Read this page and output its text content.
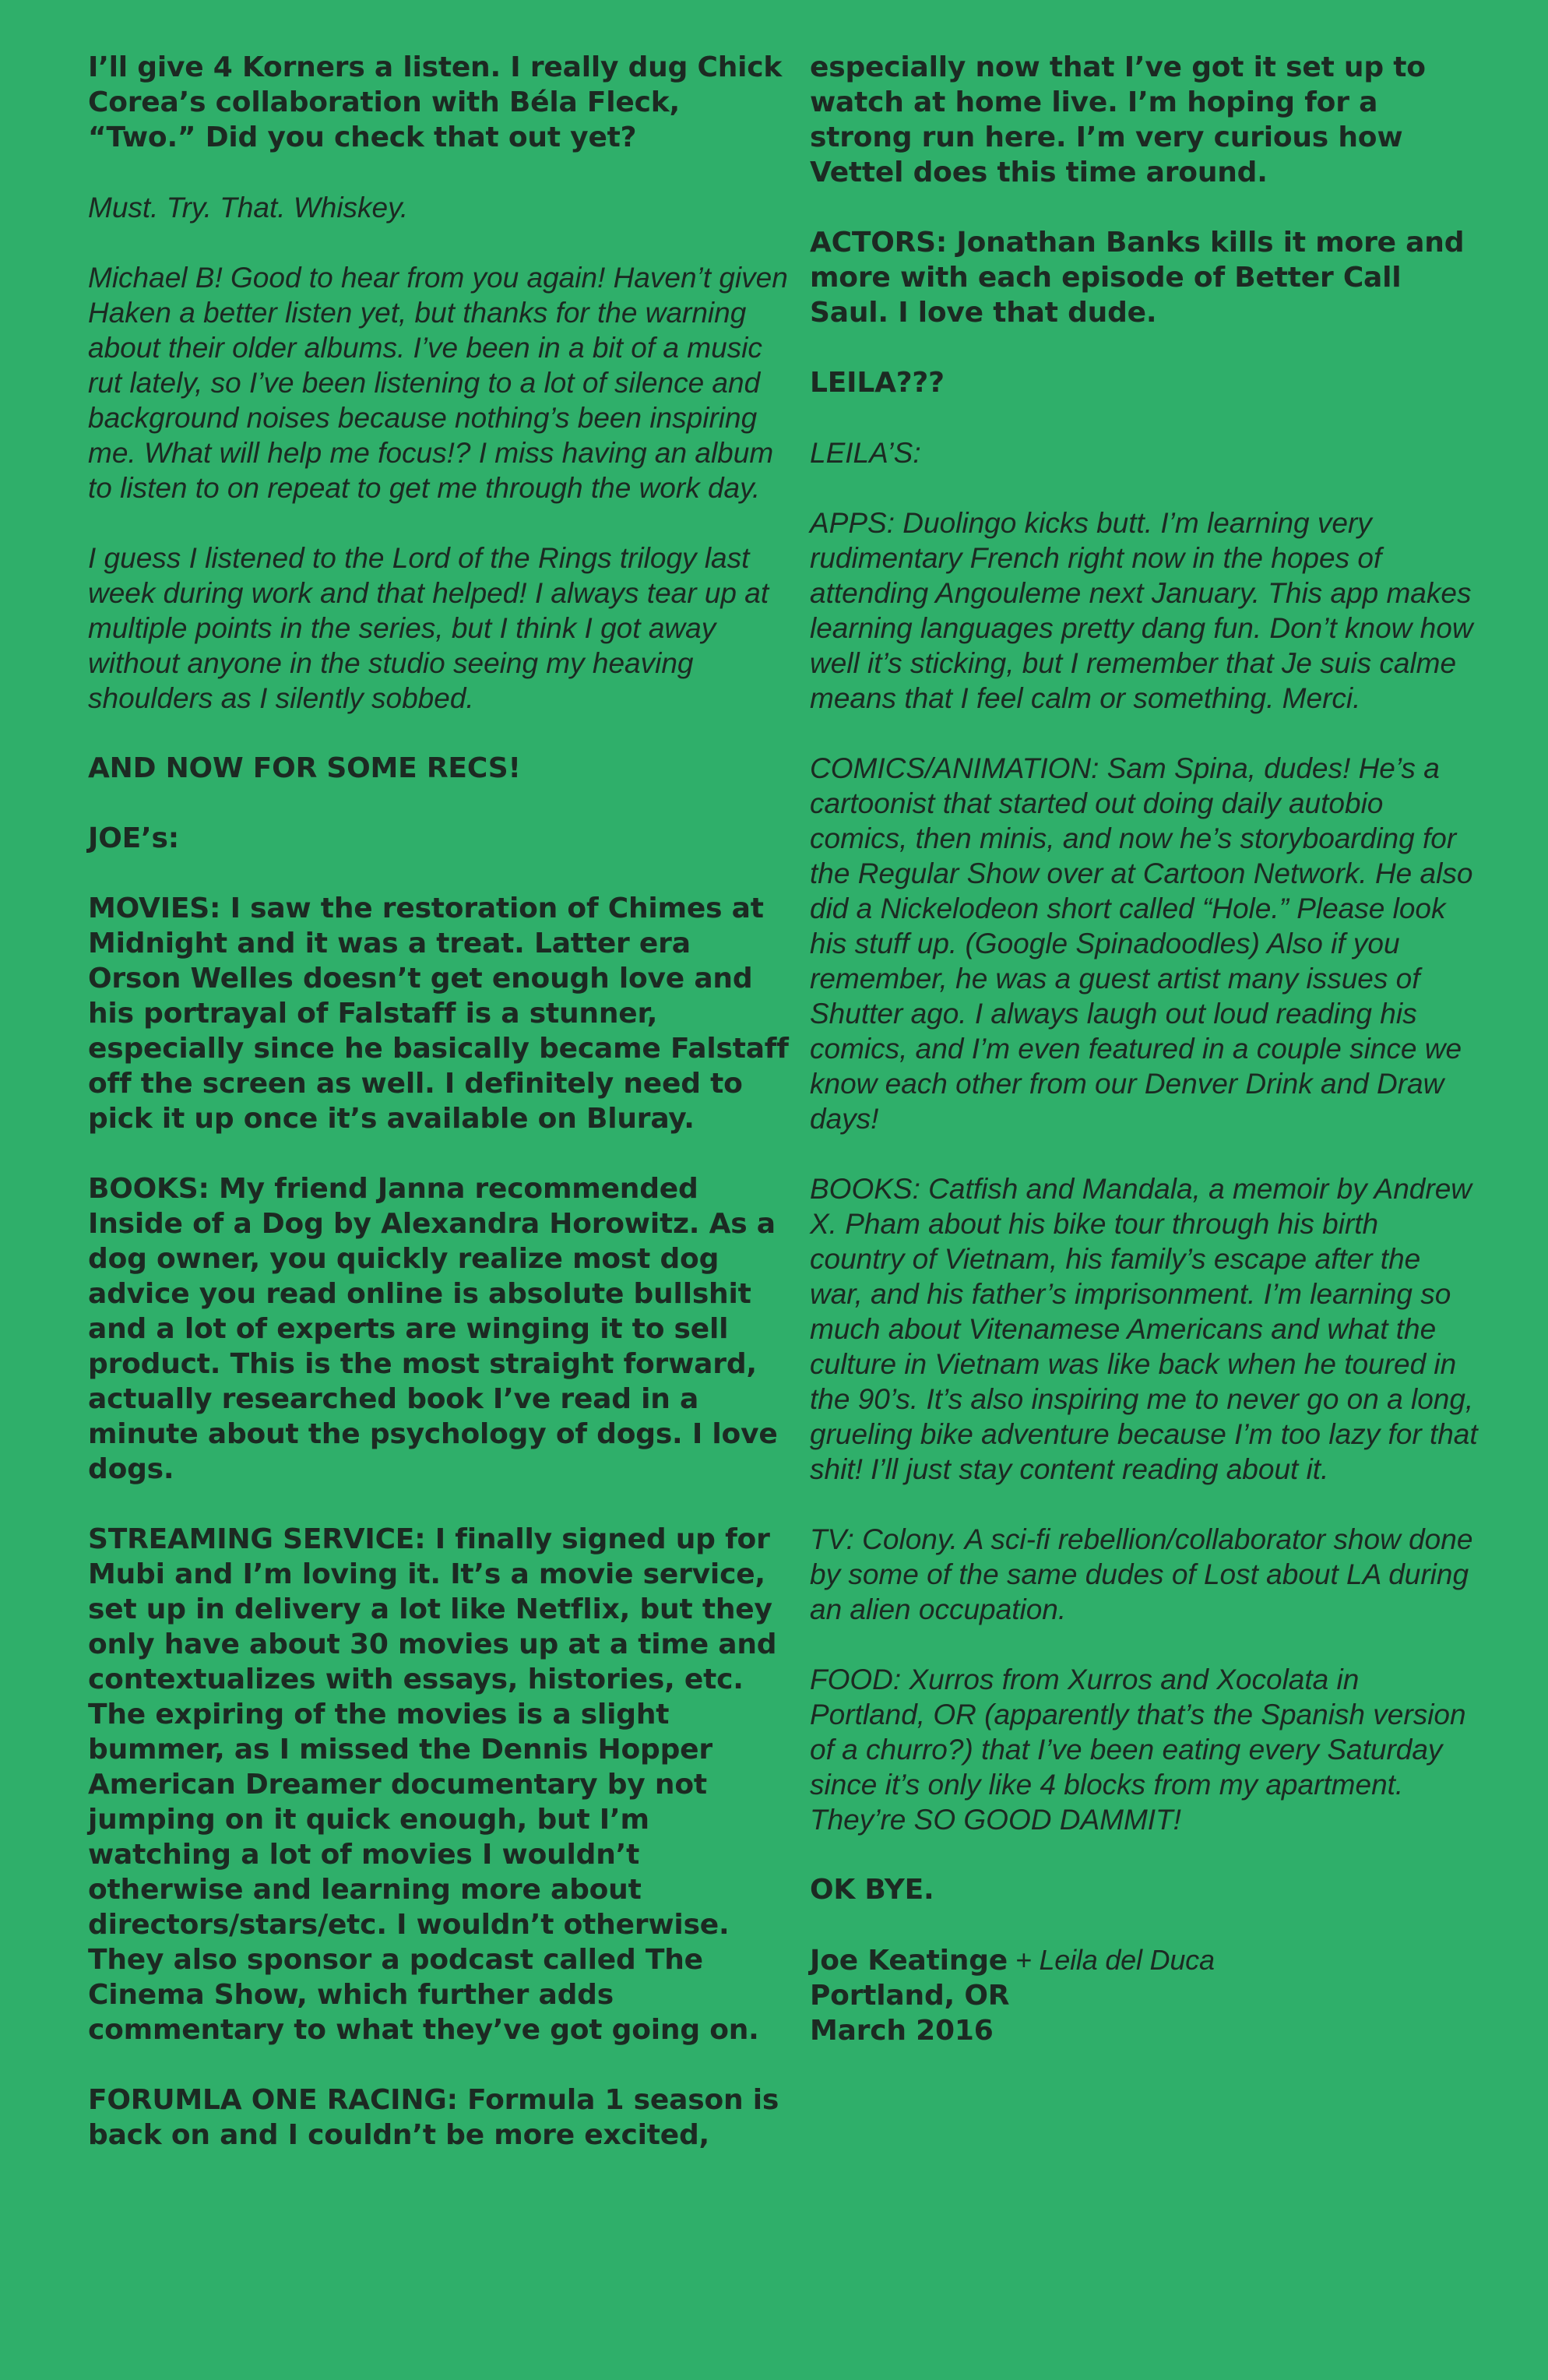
I’ll give 4 Korners a listen. I really dug Chick Corea’s collaboration with Béla Fleck, “Two.” Did you check that out yet?

Must. Try. That. Whiskey.

Michael B! Good to hear from you again! Haven’t given Haken a better listen yet, but thanks for the warning about their older albums. I’ve been in a bit of a music rut lately, so I’ve been listening to a lot of silence and background noises because nothing’s been inspiring me. What will help me focus!? I miss having an album to listen to on repeat to get me through the work day.

I guess I listened to the Lord of the Rings trilogy last week during work and that helped! I always tear up at multiple points in the series, but I think I got away without anyone in the studio seeing my heaving shoulders as I silently sobbed.

AND NOW FOR SOME RECS!

JOE’s:

MOVIES: I saw the restoration of Chimes at Midnight and it was a treat. Latter era Orson Welles doesn’t get enough love and his portrayal of Falstaff is a stunner, especially since he basically became Falstaff off the screen as well. I definitely need to pick it up once it’s available on Bluray.

BOOKS: My friend Janna recommended Inside of a Dog by Alexandra Horowitz. As a dog owner, you quickly realize most dog advice you read online is absolute bullshit and a lot of experts are winging it to sell product. This is the most straight forward, actually researched book I’ve read in a minute about the psychology of dogs. I love dogs.

STREAMING SERVICE: I finally signed up for Mubi and I’m loving it. It’s a movie service, set up in delivery a lot like Netflix, but they only have about 30 movies up at a time and contextualizes with essays, histories, etc. The expiring of the movies is a slight bummer, as I missed the Dennis Hopper American Dreamer documentary by not jumping on it quick enough, but I’m watching a lot of movies I wouldn’t otherwise and learning more about directors/stars/etc. I wouldn’t otherwise. They also sponsor a podcast called The Cinema Show, which further adds commentary to what they’ve got going on.

FORUMLA ONE RACING: Formula 1 season is back on and I couldn’t be more excited,

especially now that I’ve got it set up to watch at home live. I’m hoping for a strong run here. I’m very curious how Vettel does this time around.

ACTORS: Jonathan Banks kills it more and more with each episode of Better Call Saul. I love that dude.

LEILA???

LEILA’S:

APPS: Duolingo kicks butt. I’m learning very rudimentary French right now in the hopes of attending Angouleme next January. This app makes learning languages pretty dang fun. Don’t know how well it’s sticking, but I remember that Je suis calme means that I feel calm or something. Merci.

COMICS/ANIMATION: Sam Spina, dudes! He’s a cartoonist that started out doing daily autobio comics, then minis, and now he’s storyboarding for the Regular Show over at Cartoon Network. He also did a Nickelodeon short called “Hole.” Please look his stuff up. (Google Spinadoodles) Also if you remember, he was a guest artist many issues of Shutter ago. I always laugh out loud reading his comics, and I’m even featured in a couple since we know each other from our Denver Drink and Draw days!

BOOKS: Catfish and Mandala, a memoir by Andrew X. Pham about his bike tour through his birth country of Vietnam, his family’s escape after the war, and his father’s imprisonment. I’m learning so much about Vitenamese Americans and what the culture in Vietnam was like back when he toured in the 90’s. It’s also inspiring me to never go on a long, grueling bike adventure because I’m too lazy for that shit! I’ll just stay content reading about it.

TV: Colony. A sci-fi rebellion/collaborator show done by some of the same dudes of Lost about LA during an alien occupation.

FOOD: Xurros from Xurros and Xocolata in Portland, OR (apparently that’s the Spanish version of a churro?) that I’ve been eating every Saturday since it’s only like 4 blocks from my apartment. They’re SO GOOD DAMMIT!

OK BYE.

Joe Keatinge + Leila del Duca
Portland, OR
March 2016
